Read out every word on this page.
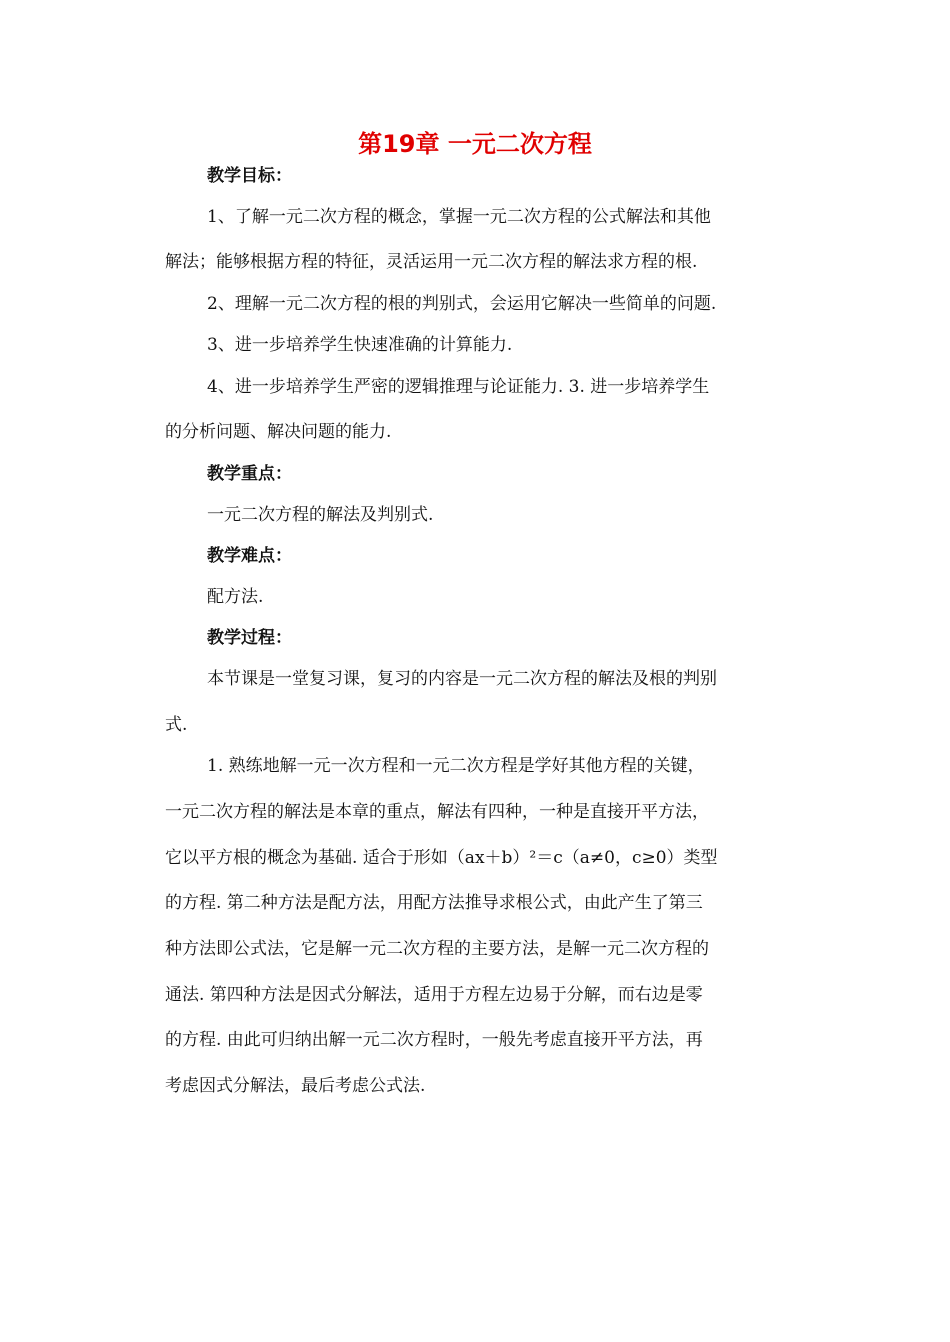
第19章 一元二次方程
教学目标：
1、了解一元二次方程的概念，掌握一元二次方程的公式解法和其他
解法；能够根据方程的特征，灵活运用一元二次方程的解法求方程的根.
2、理解一元二次方程的根的判别式，会运用它解决一些简单的问题.
3、进一步培养学生快速准确的计算能力.
4、进一步培养学生严密的逻辑推理与论证能力. 3. 进一步培养学生
的分析问题、解决问题的能力.
教学重点：
一元二次方程的解法及判别式.
教学难点：
配方法.
教学过程：
本节课是一堂复习课，复习的内容是一元二次方程的解法及根的判别
式.
1. 熟练地解一元一次方程和一元二次方程是学好其他方程的关键，
一元二次方程的解法是本章的重点，解法有四种，一种是直接开平方法，
它以平方根的概念为基础. 适合于形如（ax＋b）²＝c（a≠0，c≥0）类型
的方程. 第二种方法是配方法，用配方法推导求根公式，由此产生了第三
种方法即公式法，它是解一元二次方程的主要方法，是解一元二次方程的
通法. 第四种方法是因式分解法，适用于方程左边易于分解，而右边是零
的方程. 由此可归纳出解一元二次方程时，一般先考虑直接开平方法，再
考虑因式分解法，最后考虑公式法.
